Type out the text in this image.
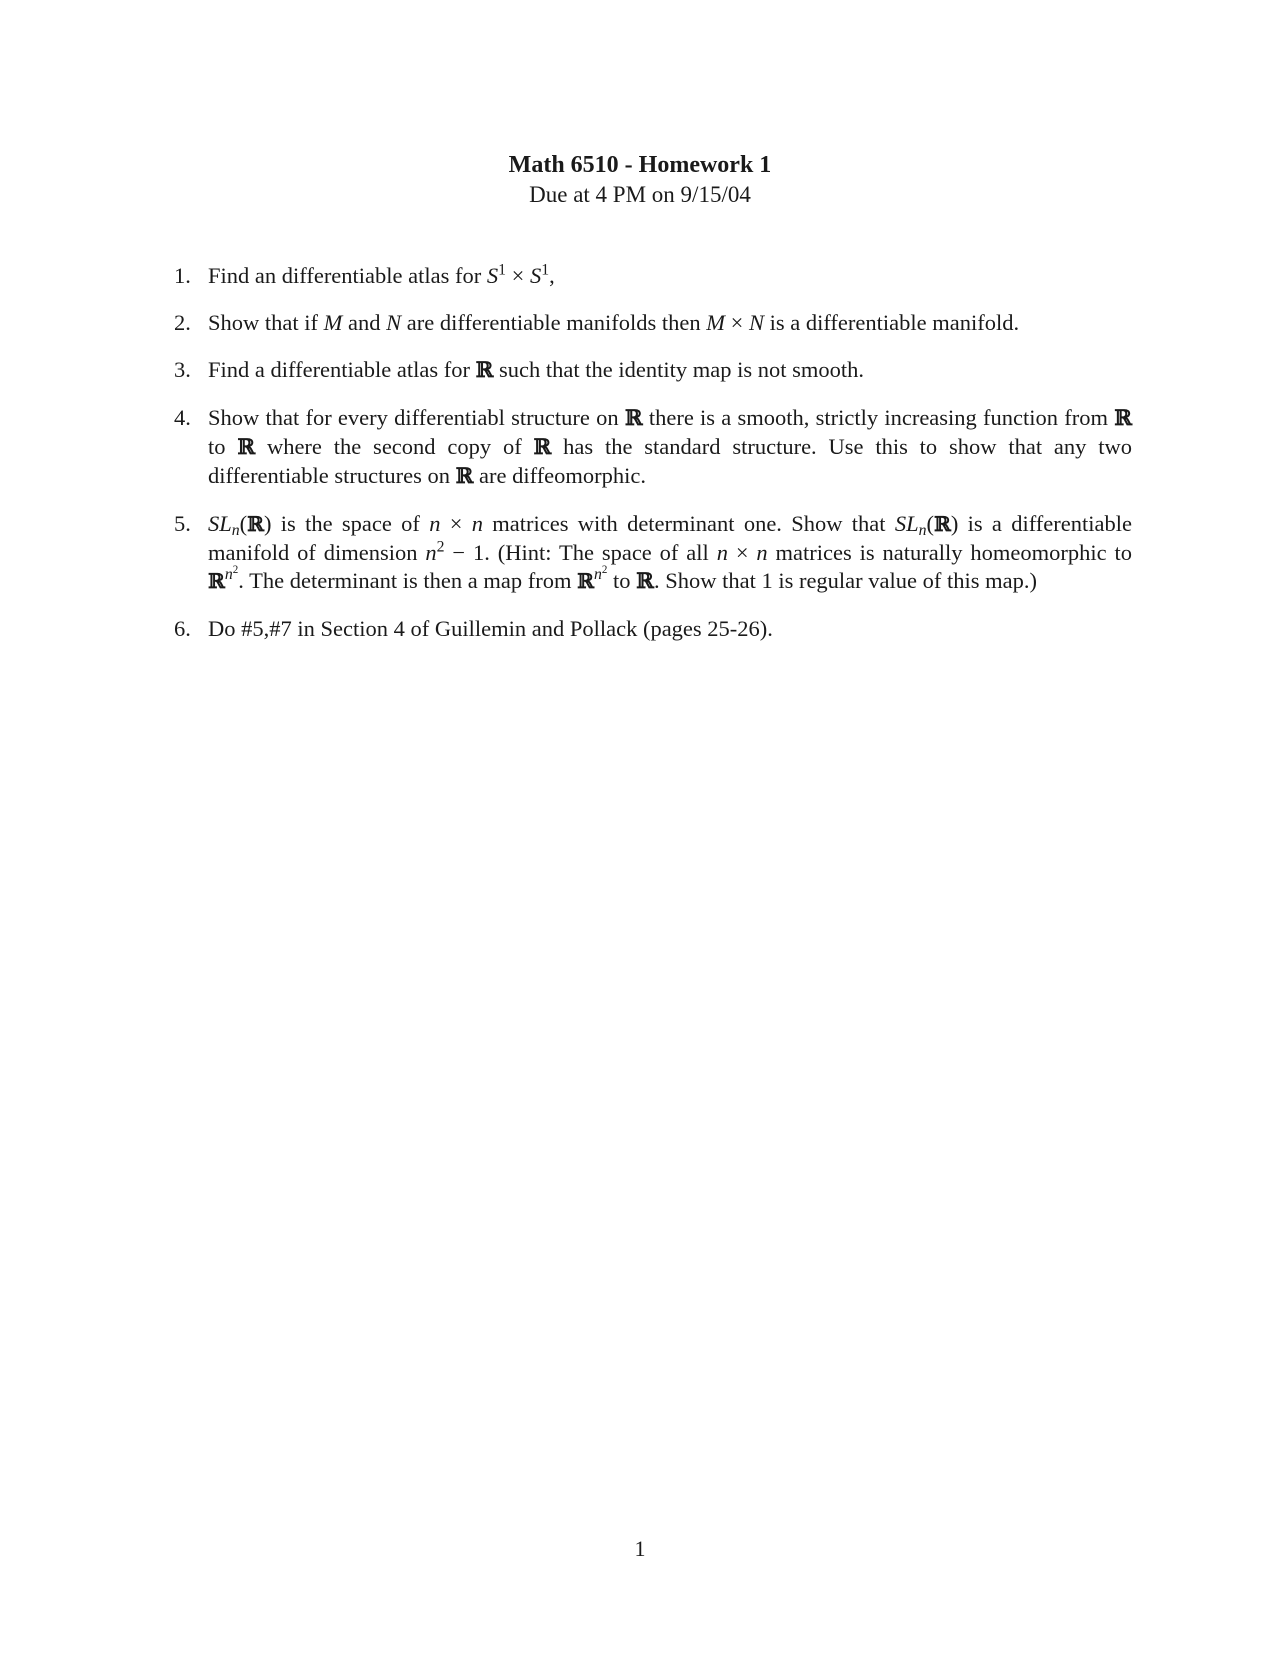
Math 6510 - Homework 1
Due at 4 PM on 9/15/04
1. Find an differentiable atlas for $S^1 \times S^1$,
2. Show that if M and N are differentiable manifolds then M × N is a differentiable manifold.
3. Find a differentiable atlas for ℝ such that the identity map is not smooth.
4. Show that for every differentiabl structure on ℝ there is a smooth, strictly increasing function from ℝ to ℝ where the second copy of ℝ has the standard structure. Use this to show that any two differentiable structures on ℝ are diffeomorphic.
5. $SL_n(ℝ)$ is the space of n × n matrices with determinant one. Show that $SL_n(ℝ)$ is a differentiable manifold of dimension $n^2 - 1$. (Hint: The space of all n × n matrices is naturally homeomorphic to ℝ$^{n^2}$. The determinant is then a map from ℝ$^{n^2}$ to ℝ. Show that 1 is regular value of this map.)
6. Do #5,#7 in Section 4 of Guillemin and Pollack (pages 25-26).
1
